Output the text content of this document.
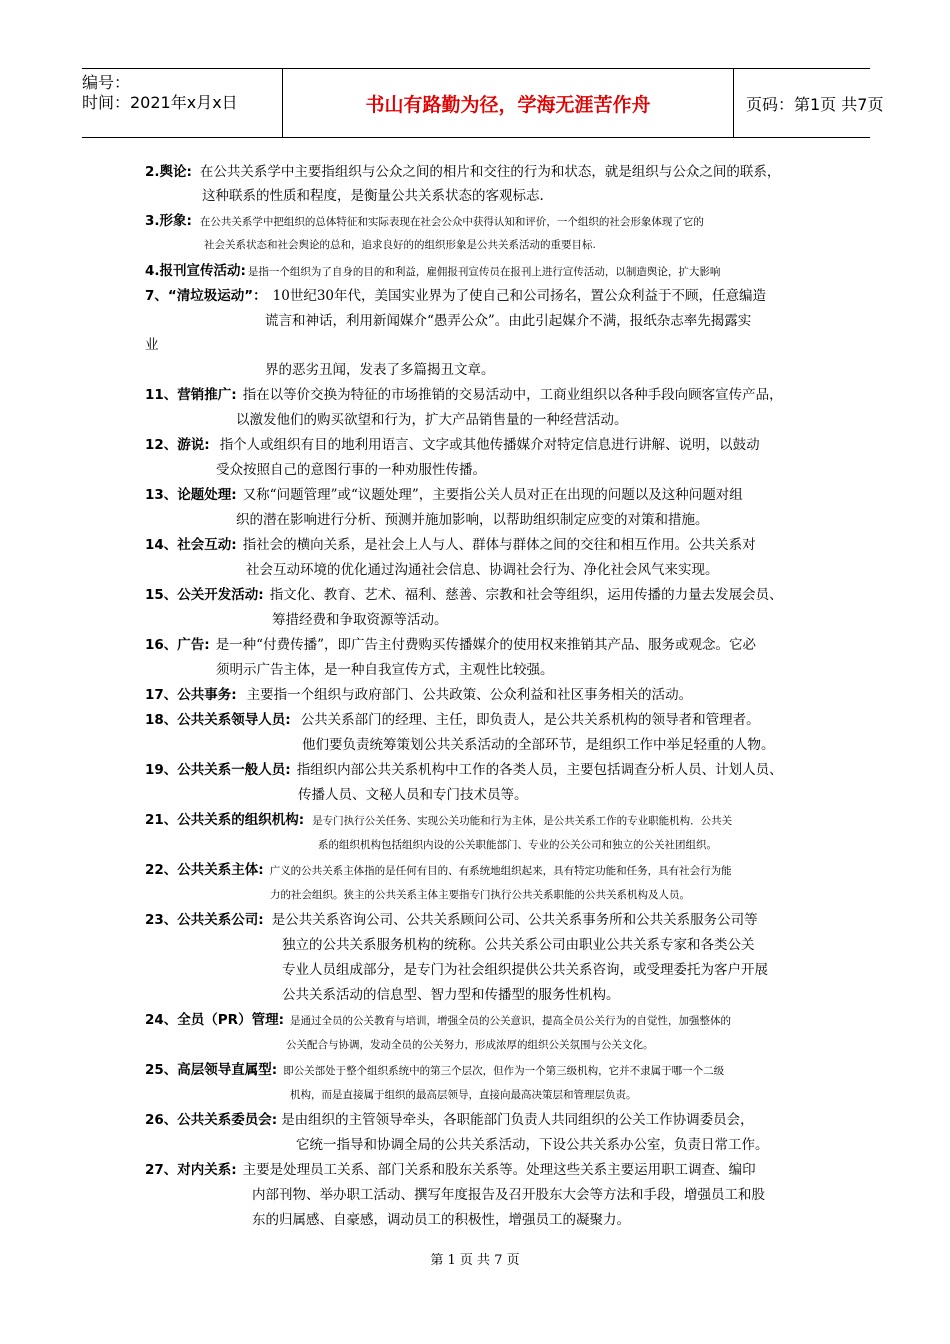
编号：
时间：2021年x月x日	书山有路勤为径，学海无涯苦作舟	页码：第1页 共7页
2.舆论: 在公共关系学中主要指组织与公众之间的相片和交往的行为和状态，就是组织与公众之间的联系，
这种联系的性质和程度，是衡量公共关系状态的客观标志.
3.形象: 在公共关系学中把组织的总体特征和实际表现在社会公众中获得认知和评价，一个组织的社会形象体现了它的
社会关系状态和社会舆论的总和，追求良好的的组织形象是公共关系活动的重要目标.
4.报刊宣传活动: 是指一个组织为了自身的目的和利益，雇佣报刊宣传员在报刊上进行宣传活动，以制造舆论，扩大影响
7、“清垃圾运动”： 10世纪30年代，美国实业界为了使自己和公司扬名，置公众利益于不顾，任意编造
谎言和神话，利用新闻媒介“愚弄公众”。由此引起媒介不满，报纸杂志率先揭露实
业
界的恶劣丑闻，发表了多篇揭丑文章。
11、营销推广: 指在以等价交换为特征的市场推销的交易活动中，工商业组织以各种手段向顾客宣传产品，
以激发他们的购买欲望和行为，扩大产品销售量的一种经营活动。
12、游说: 指个人或组织有目的地利用语言、文字或其他传播媒介对特定信息进行讲解、说明，以鼓动
受众按照自己的意图行事的一种劝服性传播。
13、论题处理: 又称“问题管理”或“议题处理”，主要指公关人员对正在出现的问题以及这种问题对组
织的潜在影响进行分析、预测并施加影响，以帮助组织制定应变的对策和措施。
14、社会互动: 指社会的横向关系，是社会上人与人、群体与群体之间的交往和相互作用。公共关系对
社会互动环境的优化通过沟通社会信息、协调社会行为、净化社会风气来实现。
15、公关开发活动: 指文化、教育、艺术、福利、慈善、宗教和社会等组织，运用传播的力量去发展会员、
筹措经费和争取资源等活动。
16、广告: 是一种“付费传播”，即广告主付费购买传播媒介的使用权来推销其产品、服务或观念。它必
须明示广告主体，是一种自我宣传方式，主观性比较强。
17、公共事务: 主要指一个组织与政府部门、公共政策、公众利益和社区事务相关的活动。
18、公共关系领导人员: 公共关系部门的经理、主任，即负责人，是公共关系机构的领导者和管理者。
他们要负责统筹策划公共关系活动的全部环节，是组织工作中举足轻重的人物。
19、公共关系一般人员: 指组织内部公共关系机构中工作的各类人员，主要包括调查分析人员、计划人员、
传播人员、文秘人员和专门技术员等。
21、公共关系的组织机构: 是专门执行公关任务、实现公关功能和行为主体，是公共关系工作的专业职能机构．公共关
系的组织机构包括组织内设的公关职能部门、专业的公关公司和独立的公关社团组织。
22、公共关系主体: 广义的公共关系主体指的是任何有目的、有系统地组织起来，具有特定功能和任务，具有社会行为能
力的社会组织。狭主的公共关系主体主要指专门执行公共关系职能的公共关系机构及人员。
23、公共关系公司: 是公共关系咨询公司、公共关系顾问公司、公共关系事务所和公共关系服务公司等
独立的公共关系服务机构的统称。公共关系公司由职业公共关系专家和各类公关
专业人员组成部分，是专门为社会组织提供公共关系咨询，或受理委托为客户开展
公共关系活动的信息型、智力型和传播型的服务性机构。
24、全员（PR）管理: 是通过全员的公关教育与培训，增强全员的公关意识，提高全员公关行为的自觉性，加强整体的
公关配合与协调，发动全员的公关努力，形成浓厚的组织公关氛围与公关文化。
25、高层领导直属型: 即公关部处于整个组织系统中的第三个层次，但作为一个第三级机构，它并不隶属于哪一个二级
机构，而是直接属于组织的最高层领导，直接向最高决策层和管理层负责。
26、公共关系委员会: 是由组织的主管领导牵头，各职能部门负责人共同组织的公关工作协调委员会，
它统一指导和协调全局的公共关系活动，下设公共关系办公室，负责日常工作。
27、对内关系: 主要是处理员工关系、部门关系和股东关系等。处理这些关系主要运用职工调查、编印
内部刊物、举办职工活动、撰写年度报告及召开股东大会等方法和手段，增强员工和股
东的归属感、自豪感，调动员工的积极性，增强员工的凝聚力。
第 1 页 共 7 页
